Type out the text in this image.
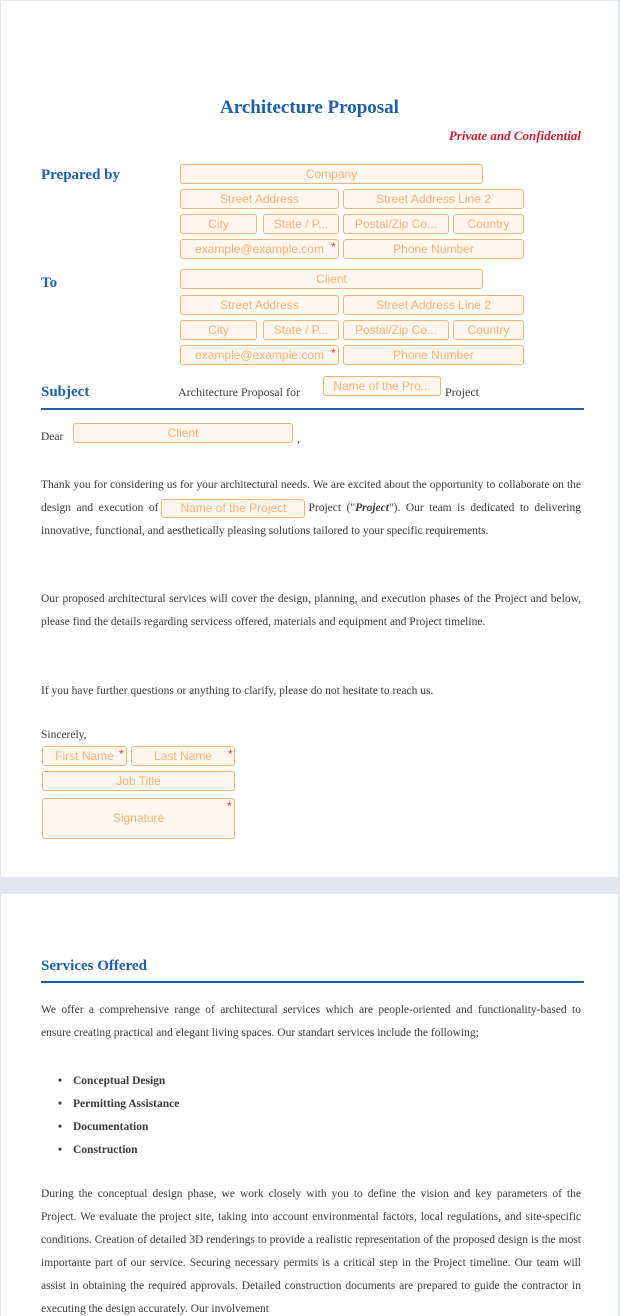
Architecture Proposal
Private and Confidential
Prepared by	Company
Street Address	Street Address Line 2
City	State / P...	Postal/Zip Co...	Country
example@example.com *	Phone Number
To	Client
Street Address	Street Address Line 2
City	State / P...	Postal/Zip Co...	Country
example@example.com *	Phone Number
Subject	Architecture Proposal for	Name of the Pro...	Project
Dear	Client	,
Thank you for considering us for your architectural needs. We are excited about the opportunity to collaborate on the design and execution of Name of the Project Project ("Project"). Our team is dedicated to delivering innovative, functional, and aesthetically pleasing solutions tailored to your specific requirements.
Our proposed architectural services will cover the design, planning, and execution phases of the Project and below, please find the details regarding servicess offered, materials and equipment and Project timeline.
If you have further questions or anything to clarify, please do not hesitate to reach us.
Sincerely,
First Name *	Last Name	*
Job Title
Signature
*
Services Offered
We offer a comprehensive range of architectural services which are people-oriented and functionality-based to ensure creating practical and elegant living spaces. Our standart services include the following;
• Conceptual Design
• Permitting Assistance
• Documentation
• Construction
During the conceptual design phase, we work closely with you to define the vision and key parameters of the Project. We evaluate the project site, taking into account environmental factors, local regulations, and site-specific conditions. Creation of detailed 3D renderings to provide a realistic representation of the proposed design is the most importante part of our service. Securing necessary permits is a critical step in the Project timeline. Our team will assist in obtaining the required approvals. Detailed construction documents are prepared to guide the contractor in executing the design accurately. Our involvement
